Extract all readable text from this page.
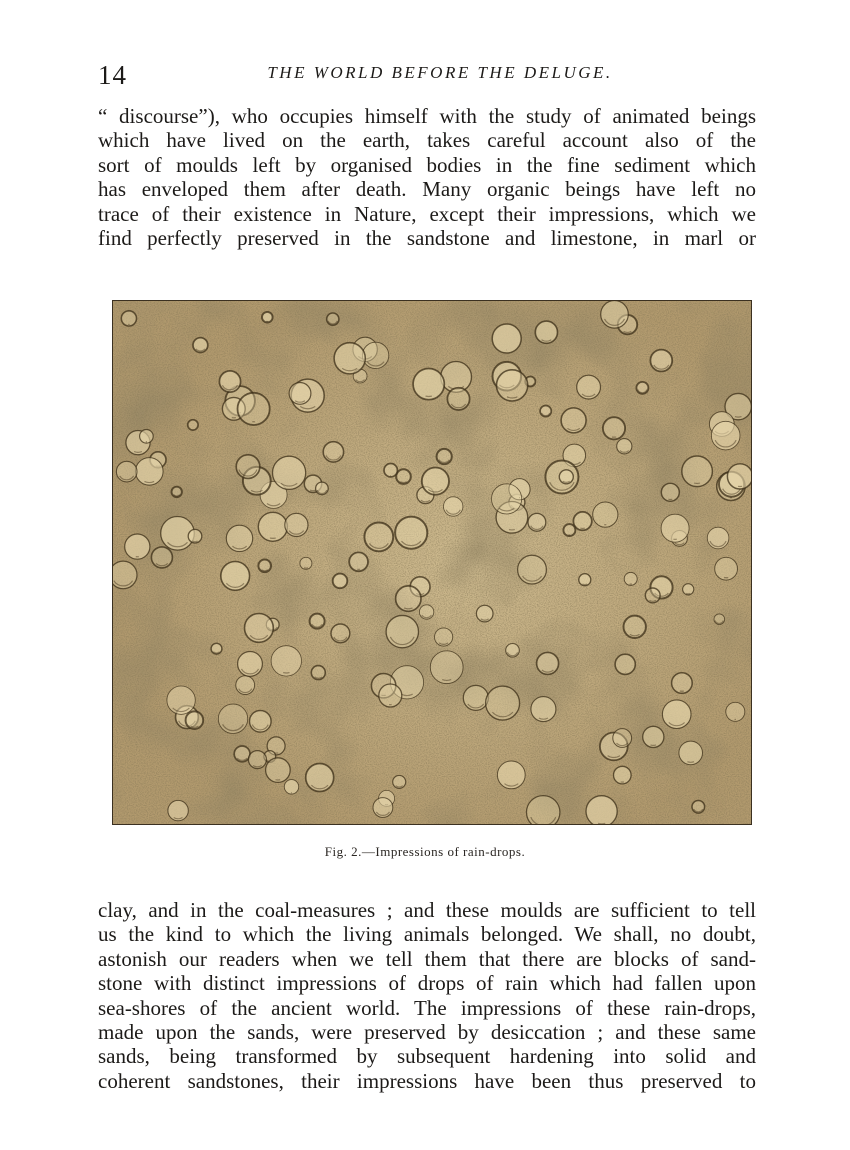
14	THE WORLD BEFORE THE DELUGE.

“ discourse”), who occupies himself with the study of animated beings
which have lived on the earth, takes careful account also of the
sort of moulds left by organised bodies in the fine sediment which
has enveloped them after death. Many organic beings have left no
trace of their existence in Nature, except their impressions, which we
find perfectly preserved in the sandstone and limestone, in marl or

Fig. 2.—Impressions of rain-drops.

clay, and in the coal-measures ; and these moulds are sufficient to tell
us the kind to which the living animals belonged. We shall, no doubt,
astonish our readers when we tell them that there are blocks of sand-
stone with distinct impressions of drops of rain which had fallen upon
sea-shores of the ancient world. The impressions of these rain-drops,
made upon the sands, were preserved by desiccation ; and these same
sands, being transformed by subsequent hardening into solid and
coherent sandstones, their impressions have been thus preserved to
